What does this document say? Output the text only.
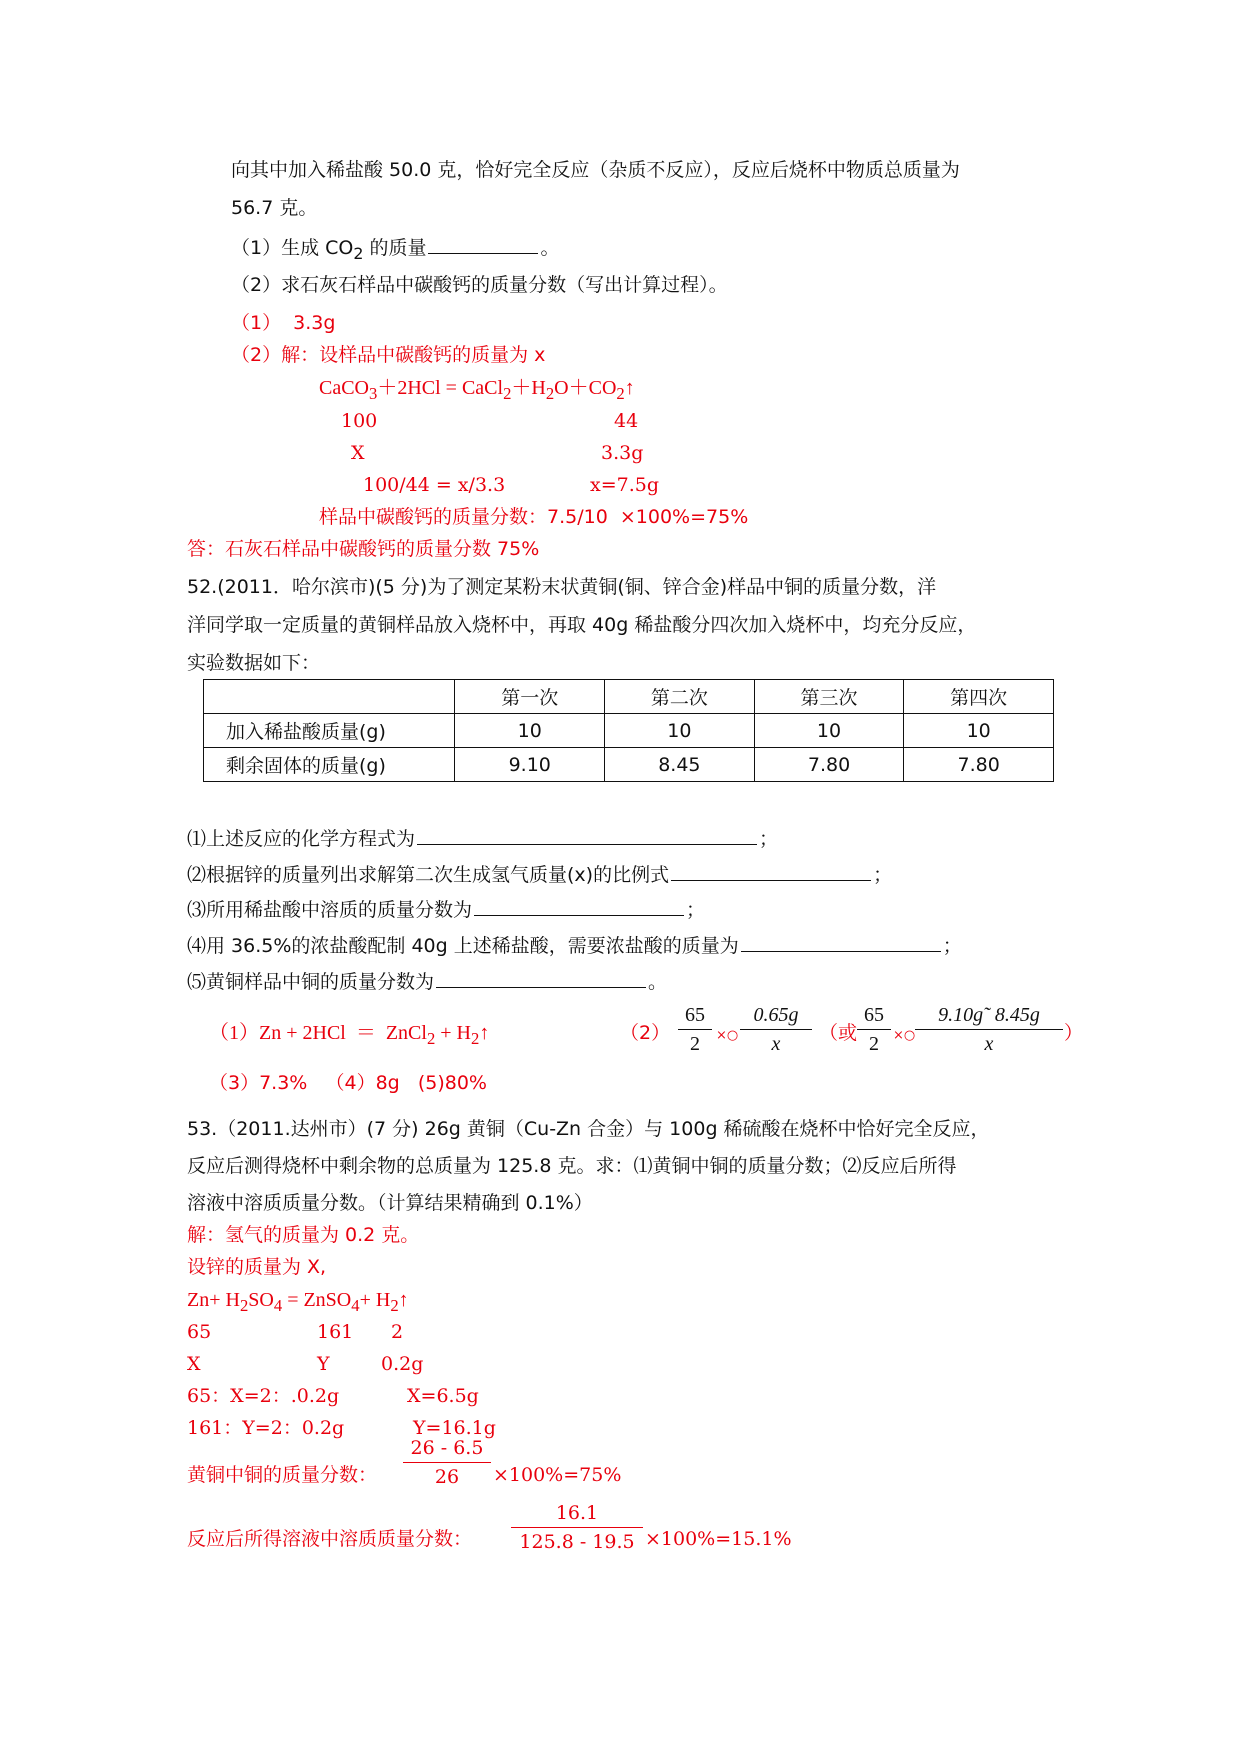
向其中加入稀盐酸 50.0 克，恰好完全反应（杂质不反应），反应后烧杯中物质总质量为
56.7 克。
（1）生成 $CO_2$ 的质量	。
（2）求石灰石样品中碳酸钙的质量分数（写出计算过程）。
（1）  3.3g
（2）解：设样品中碳酸钙的质量为 x
CaCO$_3$＋2HCl = $CaCl_2+H_2O+CO_2↑$
100	44
X	3.3g
100/44 = x/3.3	x=7.5g
样品中碳酸钙的质量分数：7.5/10  ×100%=75%
答：石灰石样品中碳酸钙的质量分数 75%
52.(2011．哈尔滨市)(5 分)为了测定某粉末状黄铜(铜、锌合金)样品中铜的质量分数，洋
洋同学取一定质量的黄铜样品放入烧杯中，再取 40g 稀盐酸分四次加入烧杯中，均充分反应，
实验数据如下：
	第一次	第二次	第三次	第四次
加入稀盐酸质量(g)	10	10	10	10
剩余固体的质量(g)	9.10	8.45	7.80	7.80
⑴上述反应的化学方程式为	；
⑵根据锌的质量列出求解第二次生成氢气质量(x)的比例式	；
⑶所用稀盐酸中溶质的质量分数为	；
⑷用 36.5%的浓盐酸配制 40g 上述稀盐酸，需要浓盐酸的质量为	；
⑸黄铜样品中铜的质量分数为	。
（1）Zn + 2HCl  ＝  ZnCl$_2$ + $H_2↑$	（2）
65
2	×○
0.65g
x	（或
65
2	×○
9.10g˜ 8.45g
x	）
（3）7.3%   （4）8g   (5)80%
53.（2011.达州市）(7 分) 26g 黄铜（Cu-Zn 合金）与 100g 稀硫酸在烧杯中恰好完全反应，
反应后测得烧杯中剩余物的总质量为 125.8 克。求：⑴黄铜中铜的质量分数；⑵反应后所得
溶液中溶质质量分数。（计算结果精确到 0.1%）
解：氢气的质量为 0.2 克。
设锌的质量为 X,
$Zn+ H_2SO_4$ = ZnSO$_4$+ $H_2↑$
65	161 2
X	Y	0.2g
65：X=2：.0.2g	X=6.5g
161：Y=2：0.2g	Y=16.1g
黄铜中铜的质量分数：
26 - 6.5
26	×100%=75%
反应后所得溶液中溶质质量分数：
16.1
125.8 - 19.5 ×100%=15.1%
